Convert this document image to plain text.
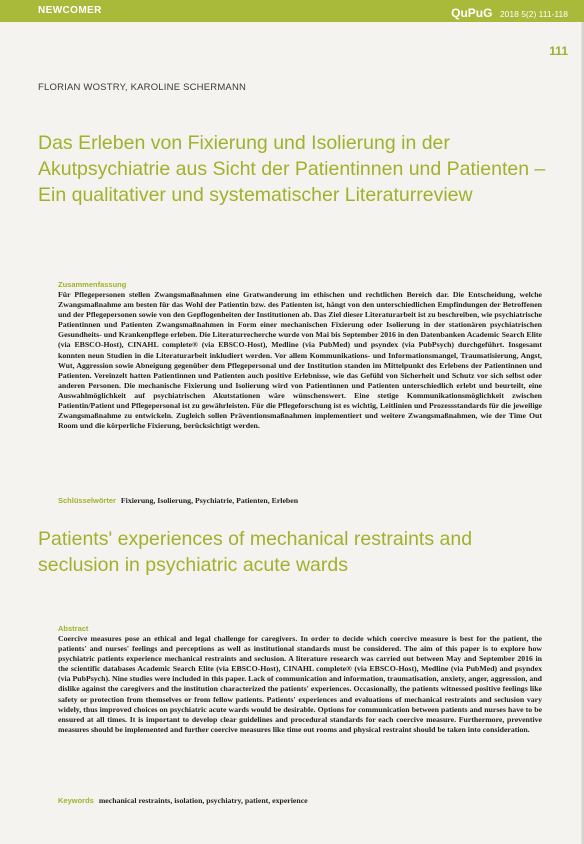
NEWCOMER	QuPuG 2018 5(2) 111-118
111
FLORIAN WOSTRY, KAROLINE SCHERMANN
Das Erleben von Fixierung und Isolierung in der Akutpsychiatrie aus Sicht der Patientinnen und Patienten – Ein qualitativer und systematischer Literaturreview
Zusammenfassung

Für Pflegepersonen stellen Zwangsmaßnahmen eine Gratwanderung im ethischen und rechtlichen Bereich dar. Die Entscheidung, welche Zwangsmaßnahme am besten für das Wohl der Patientin bzw. des Patienten ist, hängt von den unterschiedlichen Empfindungen der Betroffenen und der Pflegepersonen sowie von den Gepflogenheiten der Institutionen ab. Das Ziel dieser Literaturarbeit ist zu beschreiben, wie psychiatrische Patientinnen und Patienten Zwangsmaßnahmen in Form einer mechanischen Fixierung oder Isolierung in der stationären psychiatrischen Gesundheits- und Krankenpflege erleben. Die Literaturrecherche wurde von Mai bis September 2016 in den Datenbanken Academic Search Elite (via EBSCO-Host), CINAHL complete® (via EBSCO-Host), Medline (via PubMed) und psyndex (via PubPsych) durchgeführt. Insgesamt konnten neun Studien in die Literaturarbeit inkludiert werden. Vor allem Kommunikations- und Informationsmangel, Traumatisierung, Angst, Wut, Aggression sowie Abneigung gegenüber dem Pflegepersonal und der Institution standen im Mittelpunkt des Erlebens der Patientinnen und Patienten. Vereinzelt hatten Patientinnen und Patienten auch positive Erlebnisse, wie das Gefühl von Sicherheit und Schutz vor sich selbst oder anderen Personen. Die mechanische Fixierung und Isolierung wird von Patientinnen und Patienten unterschiedlich erlebt und beurteilt, eine Auswahlmöglichkeit auf psychiatrischen Akutstationen wäre wünschenswert. Eine stetige Kommunikationsmöglichkeit zwischen Patientin/Patient und Pflegepersonal ist zu gewährleisten. Für die Pflegeforschung ist es wichtig, Leitlinien und Prozessstandards für die jeweilige Zwangsmaßnahme zu entwickeln. Zugleich sollen Präventionsmaßnahmen implementiert und weitere Zwangsmaßnahmen, wie der Time Out Room und die körperliche Fixierung, berücksichtigt werden.

Schlüsselwörter Fixierung, Isolierung, Psychiatrie, Patienten, Erleben
Patients' experiences of mechanical restraints and seclusion in psychiatric acute wards
Abstract

Coercive measures pose an ethical and legal challenge for caregivers. In order to decide which coercive measure is best for the patient, the patients' and nurses' feelings and perceptions as well as institutional standards must be considered. The aim of this paper is to explore how psychiatric patients experience mechanical restraints and seclusion. A literature research was carried out between May and September 2016 in the scientific databases Academic Search Elite (via EBSCO-Host), CINAHL complete® (via EBSCO-Host), Medline (via PubMed) and psyndex (via PubPsych). Nine studies were included in this paper. Lack of communication and information, traumatisation, anxiety, anger, aggression, and dislike against the caregivers and the institution characterized the patients' experiences. Occasionally, the patients witnessed positive feelings like safety or protection from themselves or from fellow patients. Patients' experiences and evaluations of mechanical restraints and seclusion vary widely, thus improved choices on psychiatric acute wards would be desirable. Options for communication between patients and nurses have to be ensured at all times. It is important to develop clear guidelines and procedural standards for each coercive measure. Furthermore, preventive measures should be implemented and further coercive measures like time out rooms and physical restraint should be taken into consideration.

Keywords mechanical restraints, isolation, psychiatry, patient, experience
